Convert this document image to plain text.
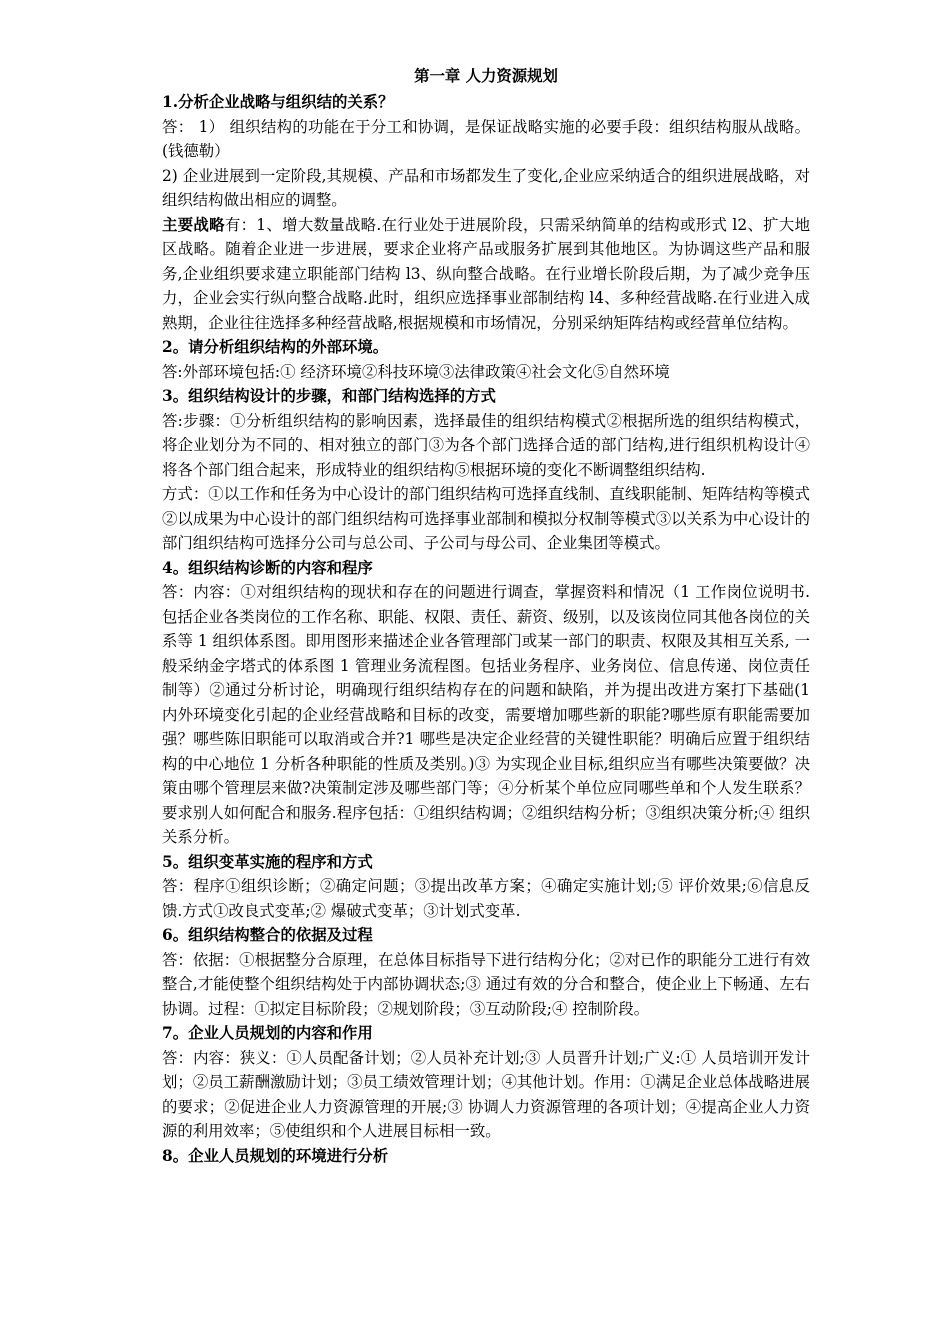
第一章 人力资源规划

1.分析企业战略与组织结的关系？

答： 1） 组织结构的功能在于分工和协调，是保证战略实施的必要手段：组织结构服从战略。(钱德勒）

2) 企业进展到一定阶段,其规模、产品和市场都发生了变化,企业应采纳适合的组织进展战略，对组织结构做出相应的调整。

主要战略有：1、增大数量战略.在行业处于进展阶段，只需采纳简单的结构或形式 l2、扩大地区战略。随着企业进一步进展，要求企业将产品或服务扩展到其他地区。为协调这些产品和服务,企业组织要求建立职能部门结构 l3、纵向整合战略。在行业增长阶段后期，为了减少竞争压力，企业会实行纵向整合战略.此时，组织应选择事业部制结构 l4、多种经营战略.在行业进入成熟期，企业往往选择多种经营战略,根据规模和市场情况，分别采纳矩阵结构或经营单位结构。

2。请分析组织结构的外部环境。

答:外部环境包括:① 经济环境②科技环境③法律政策④社会文化⑤自然环境

3。组织结构设计的步骤，和部门结构选择的方式

答:步骤：①分析组织结构的影响因素，选择最佳的组织结构模式②根据所选的组织结构模式，将企业划分为不同的、相对独立的部门③为各个部门选择合适的部门结构,进行组织机构设计④将各个部门组合起来，形成特业的组织结构⑤根据环境的变化不断调整组织结构.

方式：①以工作和任务为中心设计的部门组织结构可选择直线制、直线职能制、矩阵结构等模式②以成果为中心设计的部门组织结构可选择事业部制和模拟分权制等模式③以关系为中心设计的部门组织结构可选择分公司与总公司、子公司与母公司、企业集团等模式。

4。组织结构诊断的内容和程序

答：内容：①对组织结构的现状和存在的问题进行调查，掌握资料和情况（1 工作岗位说明书. 包括企业各类岗位的工作名称、职能、权限、责任、薪资、级别，以及该岗位同其他各岗位的关系等 1 组织体系图。即用图形来描述企业各管理部门或某一部门的职责、权限及其相互关系, 一般采纳金字塔式的体系图 1 管理业务流程图。包括业务程序、业务岗位、信息传递、岗位责任制等）②通过分析讨论，明确现行组织结构存在的问题和缺陷，并为提出改进方案打下基础(1 内外环境变化引起的企业经营战略和目标的改变，需要增加哪些新的职能?哪些原有职能需要加强？哪些陈旧职能可以取消或合并?1 哪些是决定企业经营的关键性职能？明确后应置于组织结构的中心地位 1 分析各种职能的性质及类别。)③ 为实现企业目标,组织应当有哪些决策要做？决策由哪个管理层来做?决策制定涉及哪些部门等；④分析某个单位应同哪些单和个人发生联系？要求别人如何配合和服务.程序包括：①组织结构调；②组织结构分析；③组织决策分析;④ 组织关系分析。

5。组织变革实施的程序和方式

答：程序①组织诊断；②确定问题；③提出改革方案；④确定实施计划;⑤ 评价效果;⑥信息反馈.方式①改良式变革;② 爆破式变革；③计划式变革.

6。组织结构整合的依据及过程

答：依据：①根据整分合原理，在总体目标指导下进行结构分化；②对已作的职能分工进行有效整合,才能使整个组织结构处于内部协调状态;③ 通过有效的分合和整合，使企业上下畅通、左右协调。过程：①拟定目标阶段；②规划阶段；③互动阶段;④ 控制阶段。

7。企业人员规划的内容和作用

答：内容：狭义：①人员配备计划；②人员补充计划;③ 人员晋升计划;广义:① 人员培训开发计划；②员工薪酬激励计划；③员工绩效管理计划；④其他计划。作用：①满足企业总体战略进展的要求；②促进企业人力资源管理的开展;③ 协调人力资源管理的各项计划；④提高企业人力资源的利用效率；⑤使组织和个人进展目标相一致。

8。企业人员规划的环境进行分析
